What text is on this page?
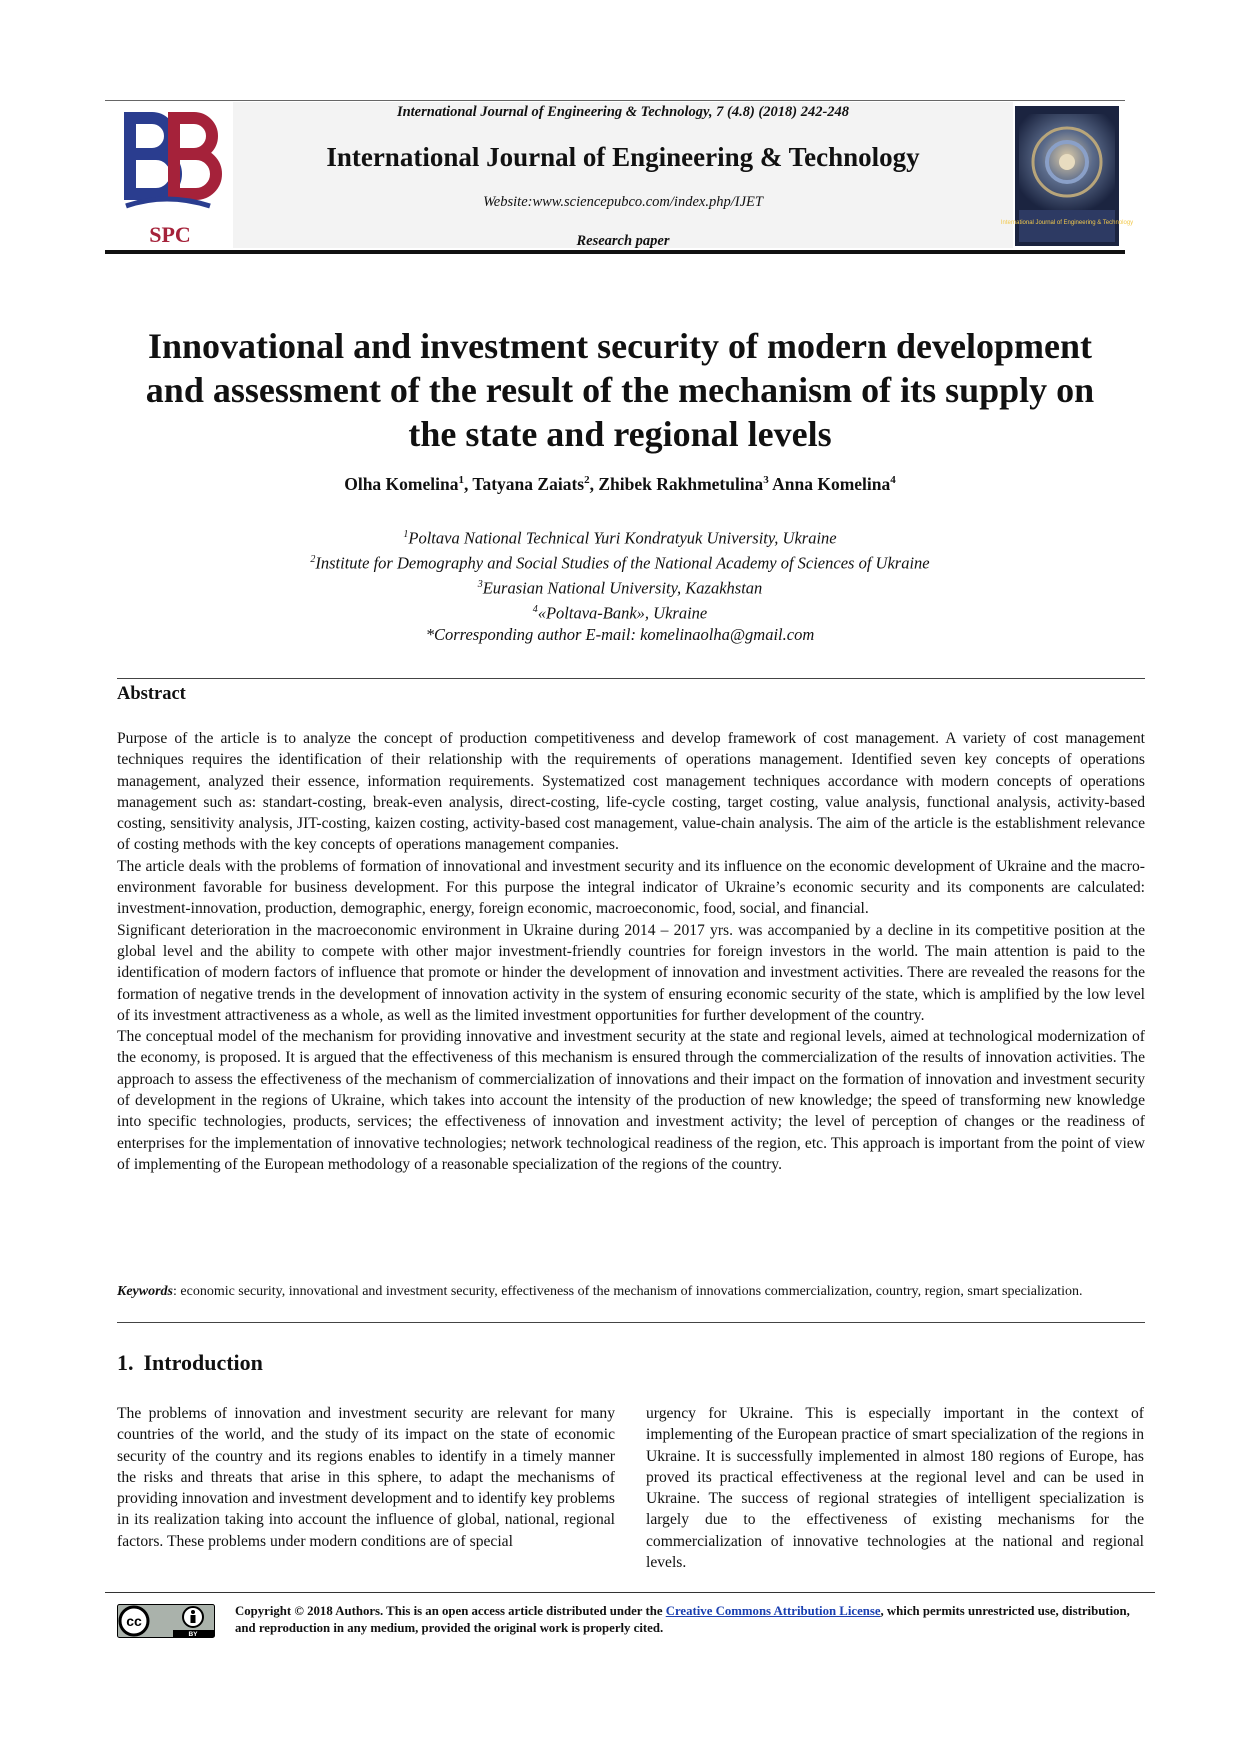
SPC
International Journal of Engineering & Technology, 7 (4.8) (2018) 242-248
International Journal of Engineering & Technology
Website:www.sciencepubco.com/index.php/IJET
Research paper
International Journal of Engineering & Technology
Innovational and investment security of modern development
and assessment of the result of the mechanism of its supply on
the state and regional levels
Olha Komelina$^1$, Tatyana Zaiats$^2$, Zhibek Rakhmetulina$^3$ Anna Komelina$^4$
$^1$Poltava National Technical Yuri Kondratyuk University, Ukraine
$^2$Institute for Demography and Social Studies of the National Academy of Sciences of Ukraine
$^3$Eurasian National University, Kazakhstan
$^4$«Poltava-Bank», Ukraine
*Corresponding author E-mail: komelinaolha@gmail.com
Abstract

Purpose of the article is to analyze the concept of production competitiveness and develop framework of cost management. A variety of cost management techniques requires the identification of their relationship with the requirements of operations management. Identified seven key concepts of operations management, analyzed their essence, information requirements. Systematized cost management techniques accordance with modern concepts of operations management such as: standart-costing, break-even analysis, direct-costing, life-cycle costing, target costing, value analysis, functional analysis, activity-based costing, sensitivity analysis, JIT-costing, kaizen costing, activity-based cost management, value-chain analysis. The aim of the article is the establishment relevance of costing methods with the key concepts of operations management companies.

The article deals with the problems of formation of innovational and investment security and its influence on the economic development of Ukraine and the macro-environment favorable for business development. For this purpose the integral indicator of Ukraine’s economic security and its components are calculated: investment-innovation, production, demographic, energy, foreign economic, macroeconomic, food, social, and financial.

Significant deterioration in the macroeconomic environment in Ukraine during 2014 – 2017 yrs. was accompanied by a decline in its competitive position at the global level and the ability to compete with other major investment-friendly countries for foreign investors in the world. The main attention is paid to the identification of modern factors of influence that promote or hinder the development of innovation and investment activities. There are revealed the reasons for the formation of negative trends in the development of innovation activity in the system of ensuring economic security of the state, which is amplified by the low level of its investment attractiveness as a whole, as well as the limited investment opportunities for further development of the country.

The conceptual model of the mechanism for providing innovative and investment security at the state and regional levels, aimed at technological modernization of the economy, is proposed. It is argued that the effectiveness of this mechanism is ensured through the commercialization of the results of innovation activities. The approach to assess the effectiveness of the mechanism of commercialization of innovations and their impact on the formation of innovation and investment security of development in the regions of Ukraine, which takes into account the intensity of the production of new knowledge; the speed of transforming new knowledge into specific technologies, products, services; the effectiveness of innovation and investment activity; the level of perception of changes or the readiness of enterprises for the implementation of innovative technologies; network technological readiness of the region, etc. This approach is important from the point of view of implementing of the European methodology of a reasonable specialization of the regions of the country.

Keywords: economic security, innovational and investment security, effectiveness of the mechanism of innovations commercialization, country, region, smart specialization.
1. Introduction
The problems of innovation and investment security are relevant for many countries of the world, and the study of its impact on the state of economic security of the country and its regions enables to identify in a timely manner the risks and threats that arise in this sphere, to adapt the mechanisms of providing innovation and investment development and to identify key problems in its realization taking into account the influence of global, national, regional factors. These problems under modern conditions are of special
urgency for Ukraine. This is especially important in the context of implementing of the European practice of smart specialization of the regions in Ukraine. It is successfully implemented in almost 180 regions of Europe, has proved its practical effectiveness at the regional level and can be used in Ukraine. The success of regional strategies of intelligent specialization is largely due to the effectiveness of existing mechanisms for the commercialization of innovative technologies at the national and regional levels.
cc
BY
Copyright © 2018 Authors. This is an open access article distributed under the Creative Commons Attribution License, which permits unrestricted use, distribution, and reproduction in any medium, provided the original work is properly cited.
